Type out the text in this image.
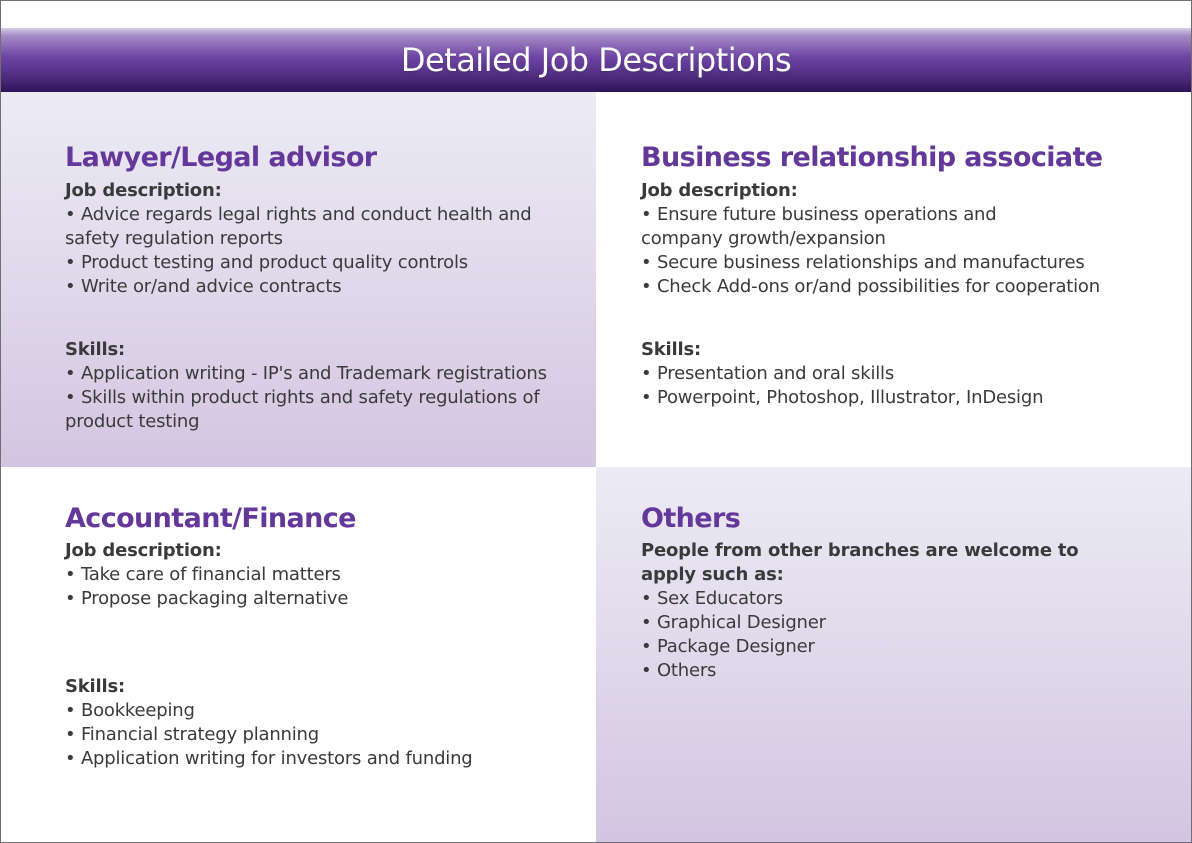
Detailed Job Descriptions
Lawyer/Legal advisor
Job description:
• Advice regards legal rights and conduct health and safety regulation reports
• Product testing and product quality controls
• Write or/and advice contracts
Skills:
• Application writing - IP's and Trademark registrations
• Skills within product rights and safety regulations of product testing
Business relationship associate
Job description:
• Ensure future business operations and
company growth/expansion
• Secure business relationships and manufactures
• Check Add-ons or/and possibilities for cooperation
Skills:
• Presentation and oral skills
• Powerpoint, Photoshop, Illustrator, InDesign
Accountant/Finance
Job description:
• Take care of financial matters
• Propose packaging alternative
Skills:
• Bookkeeping
• Financial strategy planning
• Application writing for investors and funding
Others
People from other branches are welcome to
apply such as:
• Sex Educators
• Graphical Designer
• Package Designer
• Others
